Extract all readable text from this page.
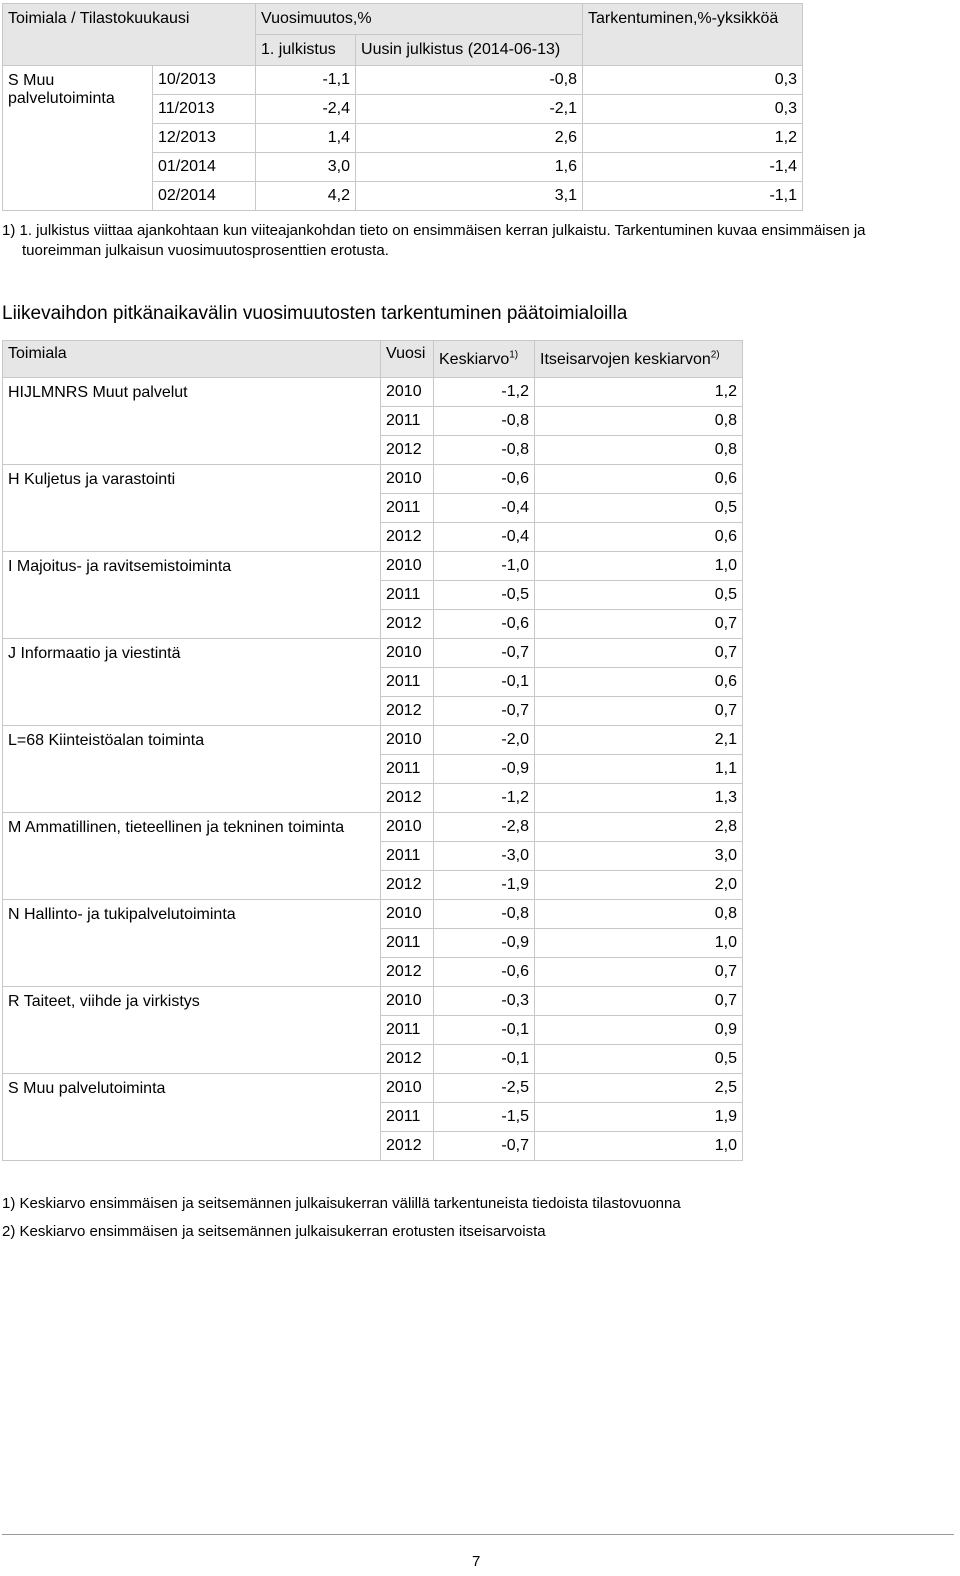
Toimiala / Tilastokuukausi		Vuosimuutos,%		Tarkentuminen,%-yksikköä
		1. julkistus	Uusin julkistus (2014-06-13)	
S Muu palvelutoiminta	10/2013	-1,1	-0,8	0,3
	11/2013	-2,4	-2,1	0,3
	12/2013	1,4	2,6	1,2
	01/2014	3,0	1,6	-1,4
	02/2014	4,2	3,1	-1,1
1) 1. julkistus viittaa ajankohtaan kun viiteajankohdan tieto on ensimmäisen kerran julkaistu. Tarkentuminen kuvaa ensimmäisen ja
tuoreimman julkaisun vuosimuutosprosenttien erotusta.
Liikevaihdon pitkänaikavälin vuosimuutosten tarkentuminen päätoimialoilla
Toimiala	Vuosi	Keskiarvo$^{1)}$	Itseisarvojen keskiarvon$^{2)}$
HIJLMNRS Muut palvelut	2010	-1,2	1,2
	2011	-0,8	0,8
	2012	-0,8	0,8
H Kuljetus ja varastointi	2010	-0,6	0,6
	2011	-0,4	0,5
	2012	-0,4	0,6
I Majoitus- ja ravitsemistoiminta	2010	-1,0	1,0
	2011	-0,5	0,5
	2012	-0,6	0,7
J Informaatio ja viestintä	2010	-0,7	0,7
	2011	-0,1	0,6
	2012	-0,7	0,7
L=68 Kiinteistöalan toiminta	2010	-2,0	2,1
	2011	-0,9	1,1
	2012	-1,2	1,3
M Ammatillinen, tieteellinen ja tekninen toiminta	2010	-2,8	2,8
	2011	-3,0	3,0
	2012	-1,9	2,0
N Hallinto- ja tukipalvelutoiminta	2010	-0,8	0,8
	2011	-0,9	1,0
	2012	-0,6	0,7
R Taiteet, viihde ja virkistys	2010	-0,3	0,7
	2011	-0,1	0,9
	2012	-0,1	0,5
S Muu palvelutoiminta	2010	-2,5	2,5
	2011	-1,5	1,9
	2012	-0,7	1,0
1) Keskiarvo ensimmäisen ja seitsemännen julkaisukerran välillä tarkentuneista tiedoista tilastovuonna
2) Keskiarvo ensimmäisen ja seitsemännen julkaisukerran erotusten itseisarvoista
7
